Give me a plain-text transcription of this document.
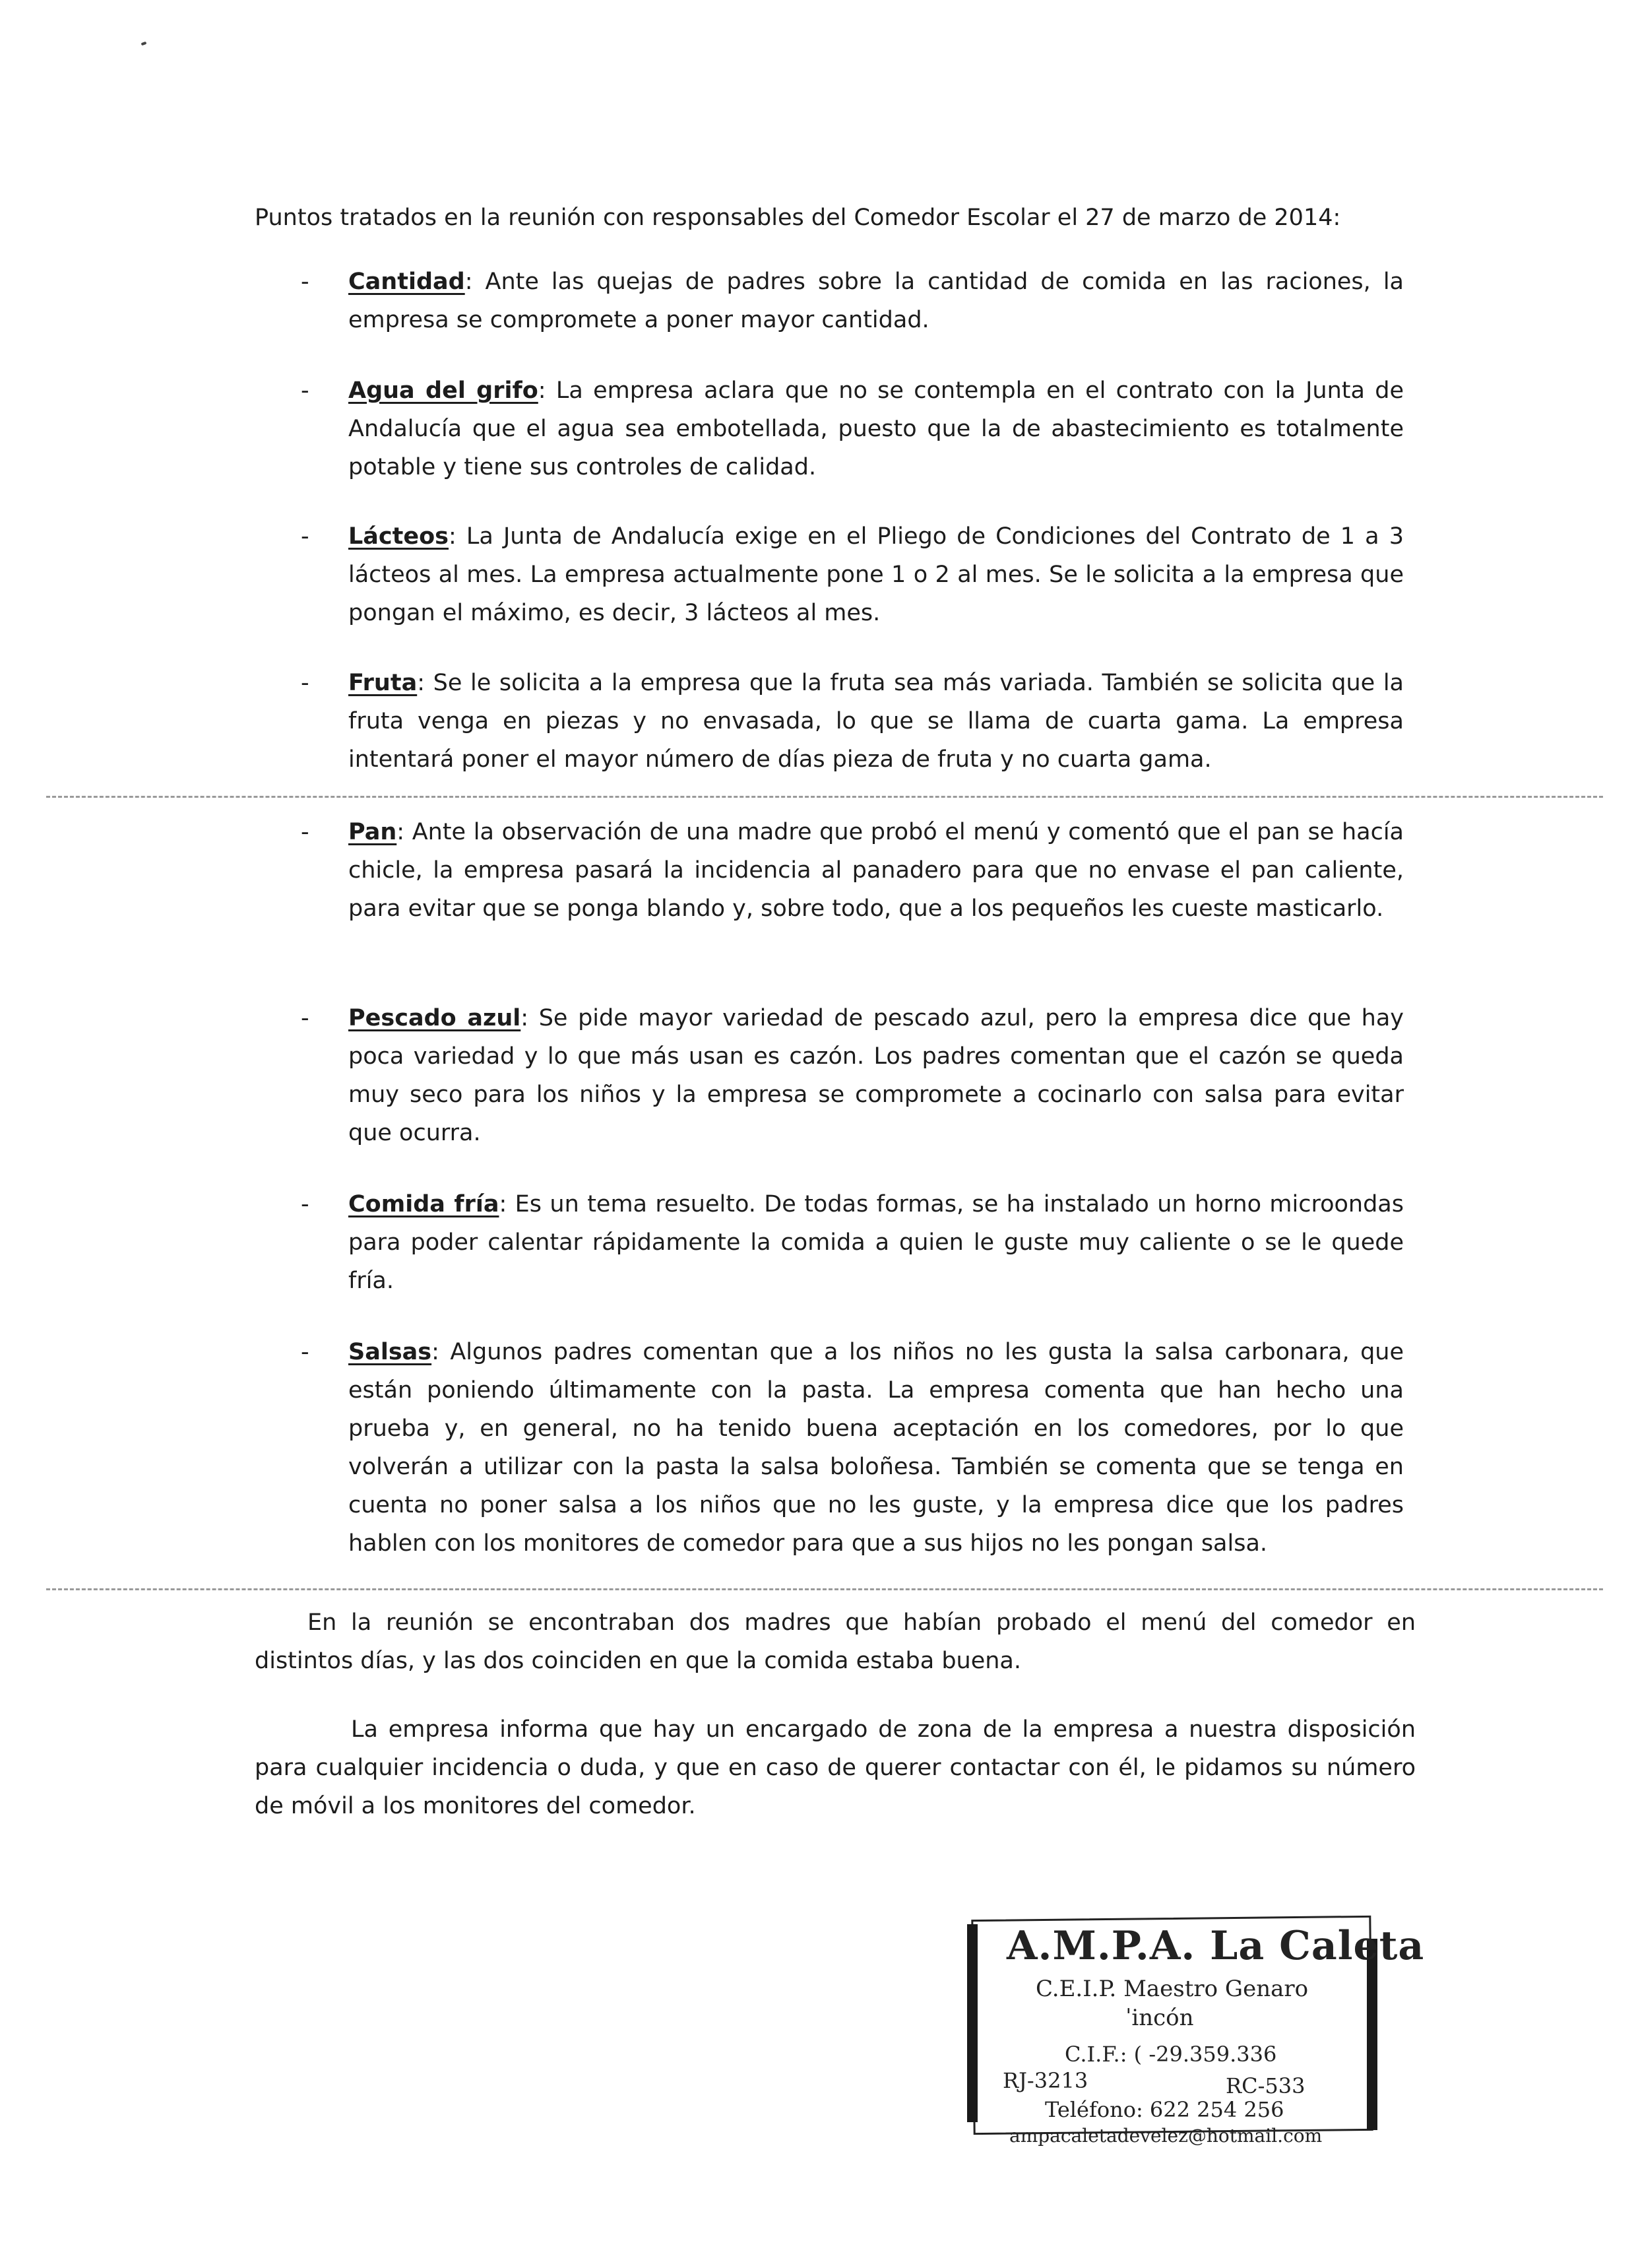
Puntos tratados en la reunión con responsables del Comedor Escolar el 27 de marzo de 2014:
- Cantidad: Ante las quejas de padres sobre la cantidad de comida en las raciones, la empresa se compromete a poner mayor cantidad.
- Agua del grifo: La empresa aclara que no se contempla en el contrato con la Junta de Andalucía que el agua sea embotellada, puesto que la de abastecimiento es totalmente potable y tiene sus controles de calidad.
- Lácteos: La Junta de Andalucía exige en el Pliego de Condiciones del Contrato de 1 a 3 lácteos al mes. La empresa actualmente pone 1 o 2 al mes. Se le solicita a la empresa que pongan el máximo, es decir, 3 lácteos al mes.
- Fruta: Se le solicita a la empresa que la fruta sea más variada. También se solicita que la fruta venga en piezas y no envasada, lo que se llama de cuarta gama. La empresa intentará poner el mayor número de días pieza de fruta y no cuarta gama.
- Pan: Ante la observación de una madre que probó el menú y comentó que el pan se hacía chicle, la empresa pasará la incidencia al panadero para que no envase el pan caliente, para evitar que se ponga blando y, sobre todo, que a los pequeños les cueste masticarlo.
- Pescado azul: Se pide mayor variedad de pescado azul, pero la empresa dice que hay poca variedad y lo que más usan es cazón. Los padres comentan que el cazón se queda muy seco para los niños y la empresa se compromete a cocinarlo con salsa para evitar que ocurra.
- Comida fría: Es un tema resuelto. De todas formas, se ha instalado un horno microondas para poder calentar rápidamente la comida a quien le guste muy caliente o se le quede fría.
- Salsas: Algunos padres comentan que a los niños no les gusta la salsa carbonara, que están poniendo últimamente con la pasta. La empresa comenta que han hecho una prueba y, en general, no ha tenido buena aceptación en los comedores, por lo que volverán a utilizar con la pasta la salsa boloñesa. También se comenta que se tenga en cuenta no poner salsa a los niños que no les guste, y la empresa dice que los padres hablen con los monitores de comedor para que a sus hijos no les pongan salsa.
En la reunión se encontraban dos madres que habían probado el menú del comedor en distintos días, y las dos coinciden en que la comida estaba buena.
La empresa informa que hay un encargado de zona de la empresa a nuestra disposición para cualquier incidencia o duda, y que en caso de querer contactar con él, le pidamos su número de móvil a los monitores del comedor.
A.M.P.A. La Caleta
C.E.I.P. Maestro Genaro
ˈincón
C.I.F.: ( -29.359.336
RJ-3213	RC-533
Teléfono: 622 254 256
ampacaletadevelez@hotmail.com
